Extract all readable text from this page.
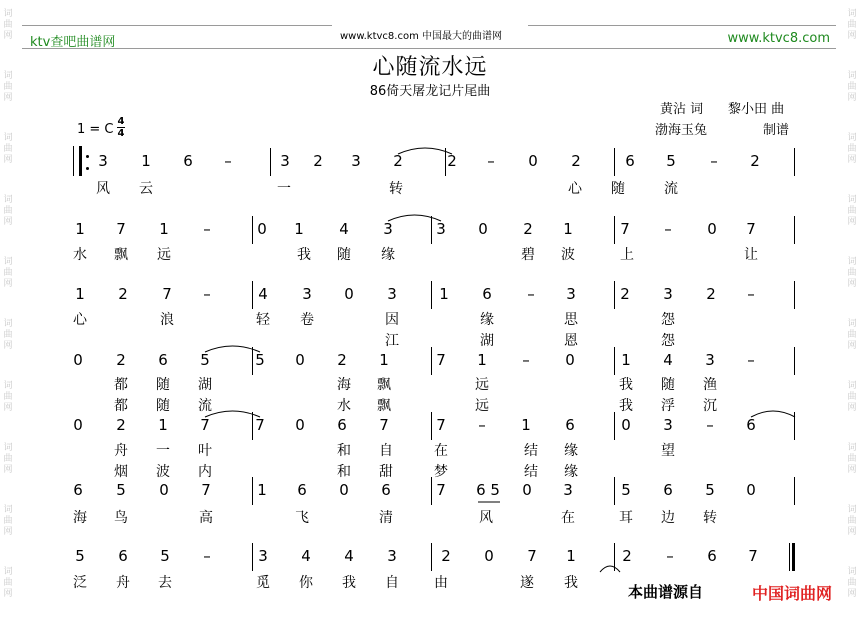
词
曲
网
词
曲
网
词
曲
网
词
曲
网
词
曲
网
词
曲
网
词
曲
网
词
曲
网
词
曲
网
词
曲
网
词
曲
网
词
曲
网
词
曲
网
词
曲
网
词
曲
网
词
曲
网
词
曲
网
词
曲
网
词
曲
网
词
曲
网
ktv查吧曲谱网	www.ktvc8.com 中国最大的曲谱网	www.ktvc8.com
心随流水远
86倚天屠龙记片尾曲
黄沾 词 黎小田 曲
渤海玉兔	制谱
1 = C
4
4
3 1 6 –	3 2 3 2	2 – 0 2	6 5 – 2
风 云	一	转	心 随	流
1 7 1 –	0 1 4 3	3 0 2 1	7 – 0 7
水 飘 远	我 随 缘	碧 波	上	让
1 2 7 –	4 3 0 3	1 6 – 3	2 3 2 –
心	浪	轻 卷	因	缘	思	怨
江	湖	恩	怨
0 2 6 5	5 0 2 1	7 1 – 0	1 4 3 –
都 随 湖	海 飘	远	我 随 渔
都 随 流	水 飘	远	我 浮 沉
0 2 1 7	7 0 6 7	7 – 1 6	0 3 – 6
舟 一 叶	和 自	在	结 缘	望
烟 波 内	和 甜	梦	结 缘
6 5 0 7	1 6 0 6	7 6 5 0 3	5 6 5 0
海 鸟	高	飞	清	风	在	耳 边 转
5 6 5 –	3 4 4 3	2 0 7 1	2 – 6 7
泛 舟 去	觅 你 我 自	由	遂 我	本曲谱源自	中国词曲网
